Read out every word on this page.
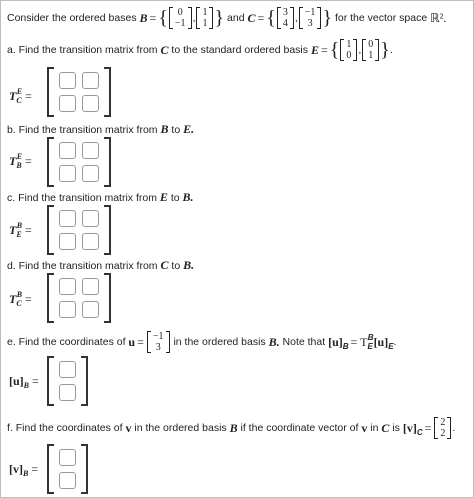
Consider the ordered bases
B = { 0
−1 , 1
1 }
and
C = { 3
4 , −1
3 }
for the vector space
ℝ².
a. Find the transition matrix from
C
to the standard ordered basis
E = { 1
0 , 0
1 } .
T C
E
=
b. Find the transition matrix from
B
to
E.
T B
E
=
c. Find the transition matrix from
E
to
B.
T E
B
=
d. Find the transition matrix from
C
to
B.
T C
B
=
e. Find the coordinates of
u = −1
3
in the ordered basis
B.
Note that
[u] B = T E
B [u] E .
[u] B
=
f. Find the coordinates of
v
in the ordered basis
B
if the coordinate vector of
v
in
C
is
[v] C = 2
2 .
[v] B
=
